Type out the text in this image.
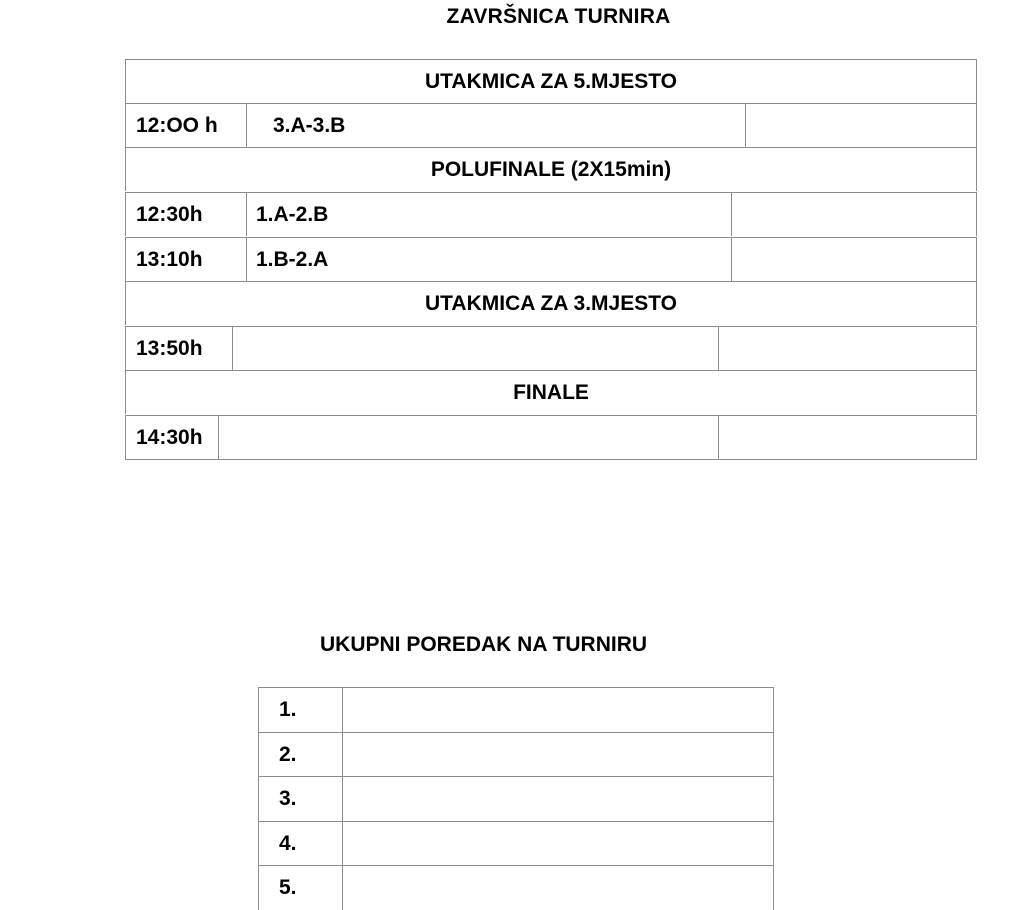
ZAVRŠNICA TURNIRA
UTAKMICA ZA 5.MJESTO
12:OO h	3.A-3.B
POLUFINALE (2X15min)
12:30h	1.A-2.B
13:10h	1.B-2.A
UTAKMICA ZA 3.MJESTO
13:50h
FINALE
14:30h
UKUPNI POREDAK NA TURNIRU
1.
2.
3.
4.
5.
